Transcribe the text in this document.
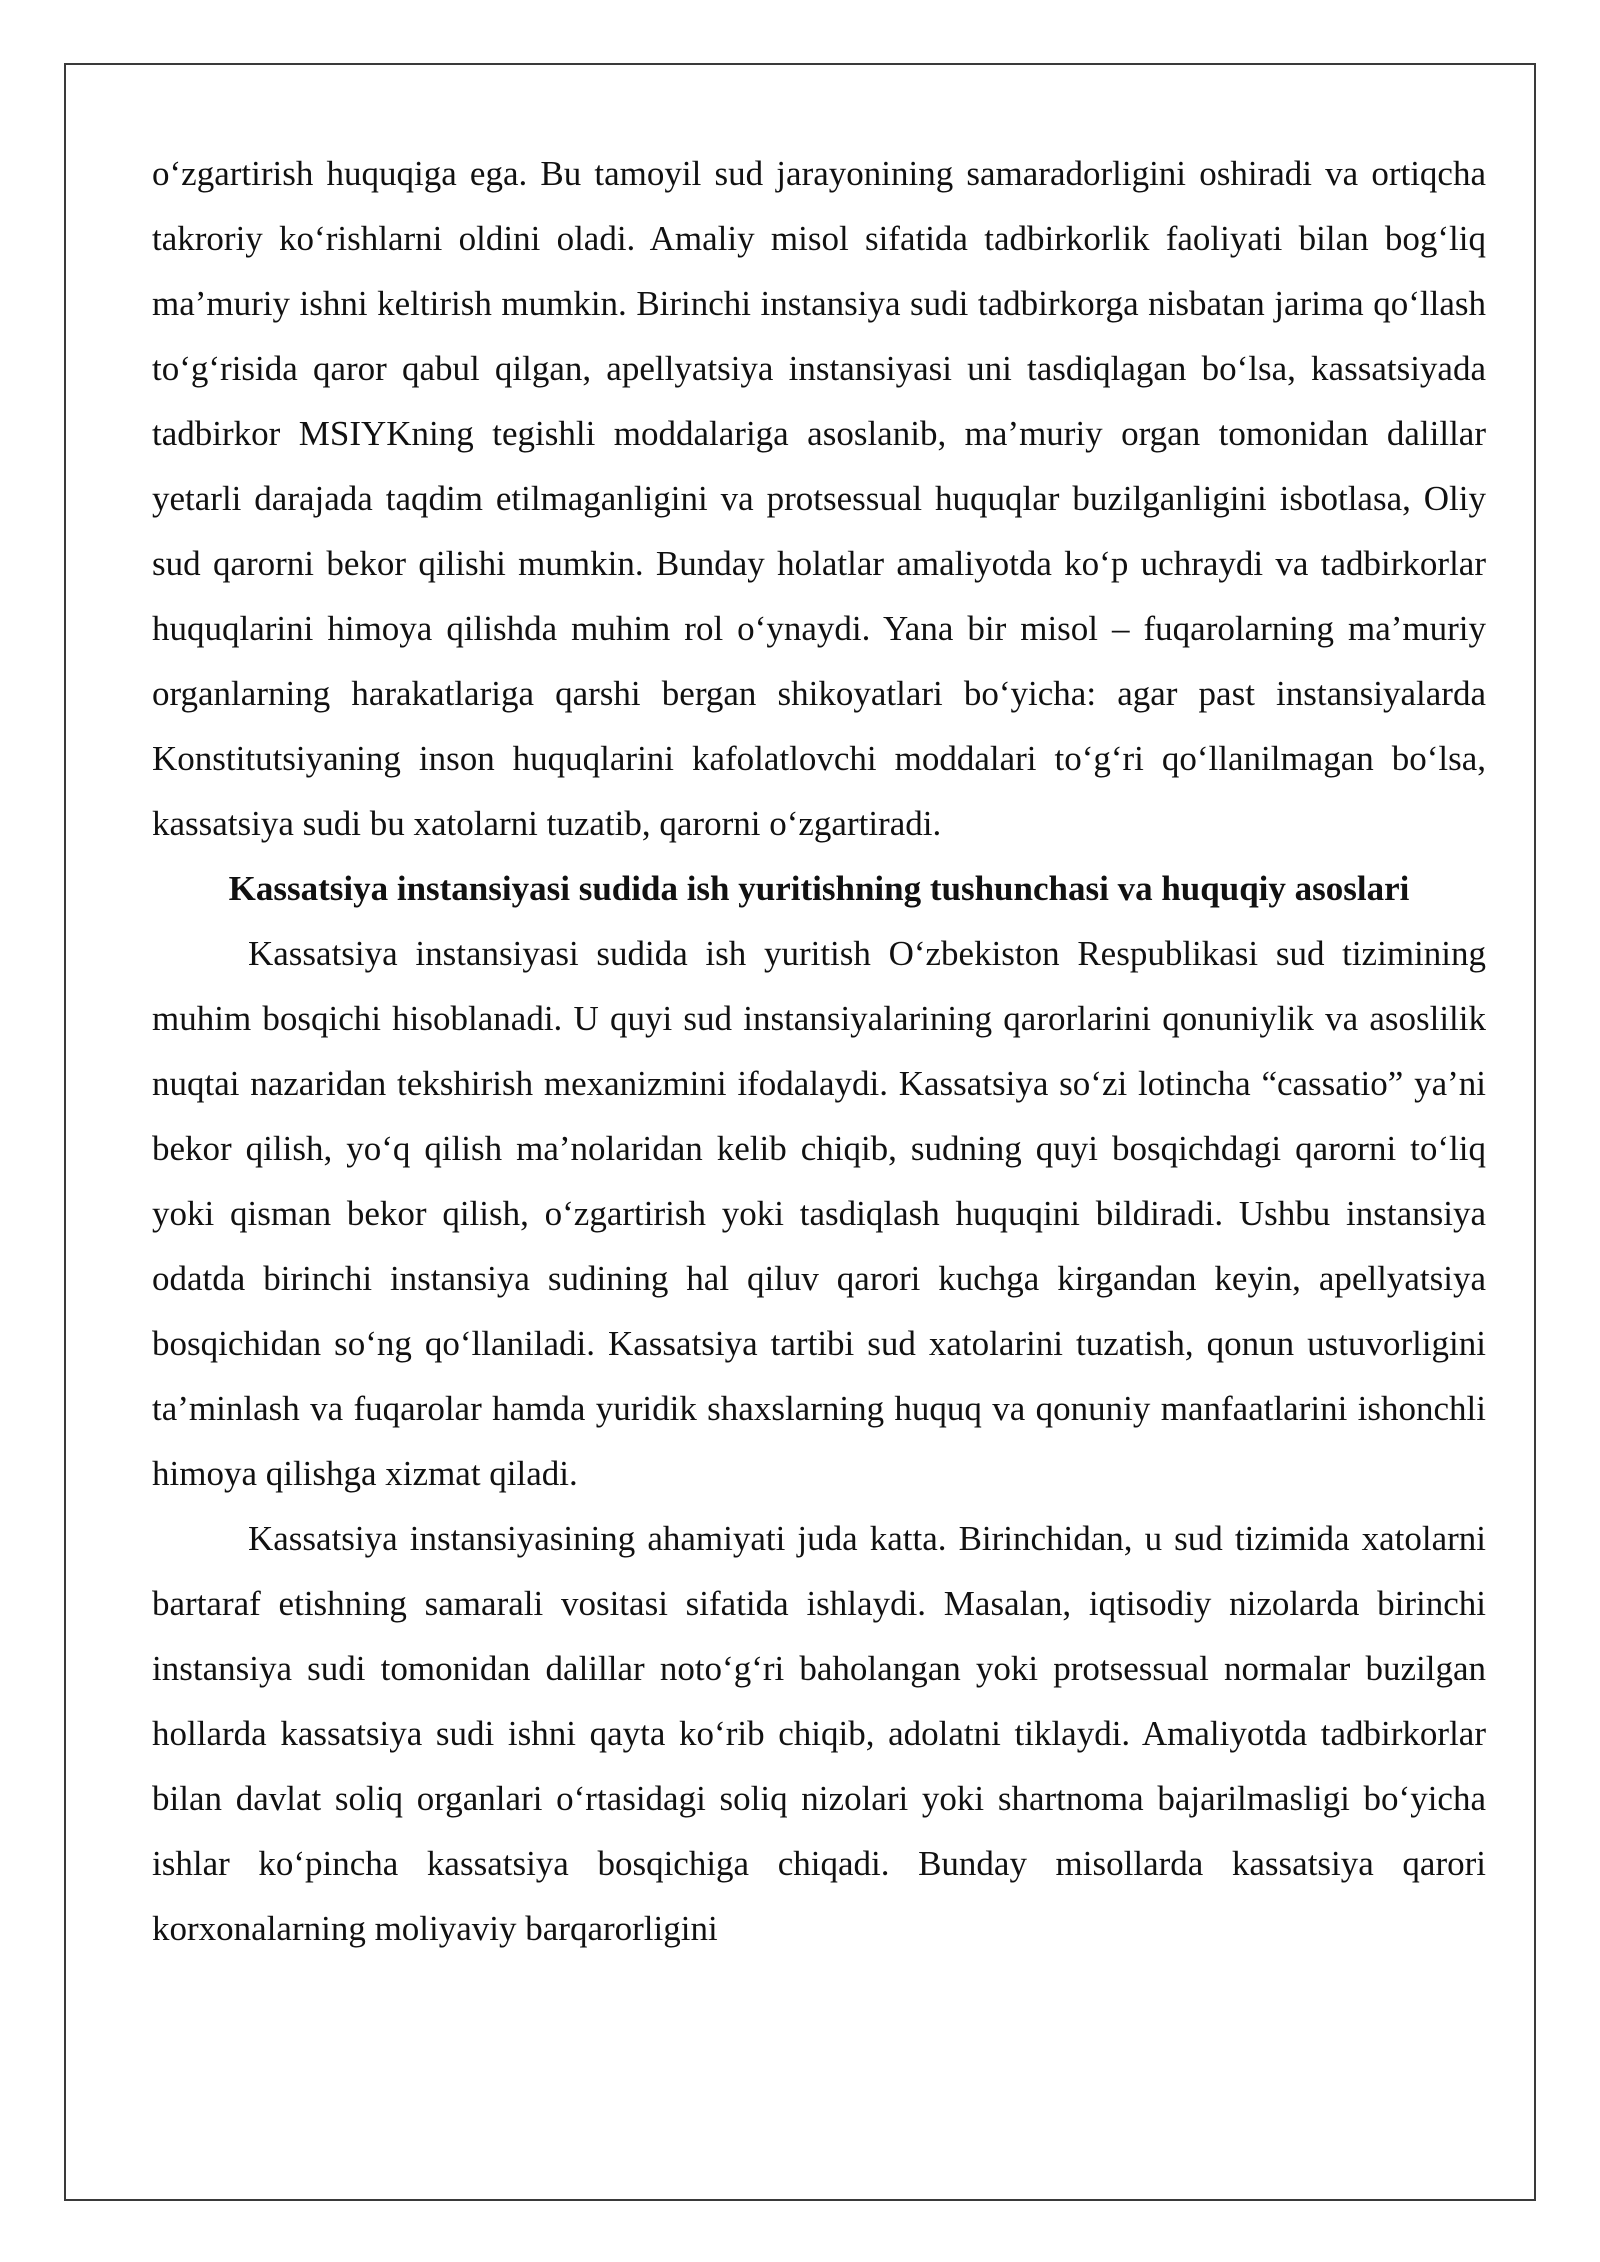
o‘zgartirish huquqiga ega. Bu tamoyil sud jarayonining samaradorligini oshiradi va ortiqcha takroriy ko‘rishlarni oldini oladi. Amaliy misol sifatida tadbirkorlik faoliyati bilan bog‘liq ma’muriy ishni keltirish mumkin. Birinchi instansiya sudi tadbirkorga nisbatan jarima qo‘llash to‘g‘risida qaror qabul qilgan, apellyatsiya instansiyasi uni tasdiqlagan bo‘lsa, kassatsiyada tadbirkor MSIYKning tegishli moddalariga asoslanib, ma’muriy organ tomonidan dalillar yetarli darajada taqdim etilmaganligini va protsessual huquqlar buzilganligini isbotlasa, Oliy sud qarorni bekor qilishi mumkin. Bunday holatlar amaliyotda ko‘p uchraydi va tadbirkorlar huquqlarini himoya qilishda muhim rol o‘ynaydi. Yana bir misol – fuqarolarning ma’muriy organlarning harakatlariga qarshi bergan shikoyatlari bo‘yicha: agar past instansiyalarda Konstitutsiyaning inson huquqlarini kafolatlovchi moddalari to‘g‘ri qo‘llanilmagan bo‘lsa, kassatsiya sudi bu xatolarni tuzatib, qarorni o‘zgartiradi.

Kassatsiya instansiyasi sudida ish yuritishning tushunchasi va huquqiy asoslari

Kassatsiya instansiyasi sudida ish yuritish O‘zbekiston Respublikasi sud tizimining muhim bosqichi hisoblanadi. U quyi sud instansiyalarining qarorlarini qonuniylik va asoslilik nuqtai nazaridan tekshirish mexanizmini ifodalaydi. Kassatsiya so‘zi lotincha “cassatio” ya’ni bekor qilish, yo‘q qilish ma’nolaridan kelib chiqib, sudning quyi bosqichdagi qarorni to‘liq yoki qisman bekor qilish, o‘zgartirish yoki tasdiqlash huquqini bildiradi. Ushbu instansiya odatda birinchi instansiya sudining hal qiluv qarori kuchga kirgandan keyin, apellyatsiya bosqichidan so‘ng qo‘llaniladi. Kassatsiya tartibi sud xatolarini tuzatish, qonun ustuvorligini ta’minlash va fuqarolar hamda yuridik shaxslarning huquq va qonuniy manfaatlarini ishonchli himoya qilishga xizmat qiladi.

Kassatsiya instansiyasining ahamiyati juda katta. Birinchidan, u sud tizimida xatolarni bartaraf etishning samarali vositasi sifatida ishlaydi. Masalan, iqtisodiy nizolarda birinchi instansiya sudi tomonidan dalillar noto‘g‘ri baholangan yoki protsessual normalar buzilgan hollarda kassatsiya sudi ishni qayta ko‘rib chiqib, adolatni tiklaydi. Amaliyotda tadbirkorlar bilan davlat soliq organlari o‘rtasidagi soliq nizolari yoki shartnoma bajarilmasligi bo‘yicha ishlar ko‘pincha kassatsiya bosqichiga chiqadi. Bunday misollarda kassatsiya qarori korxonalarning moliyaviy barqarorligini
